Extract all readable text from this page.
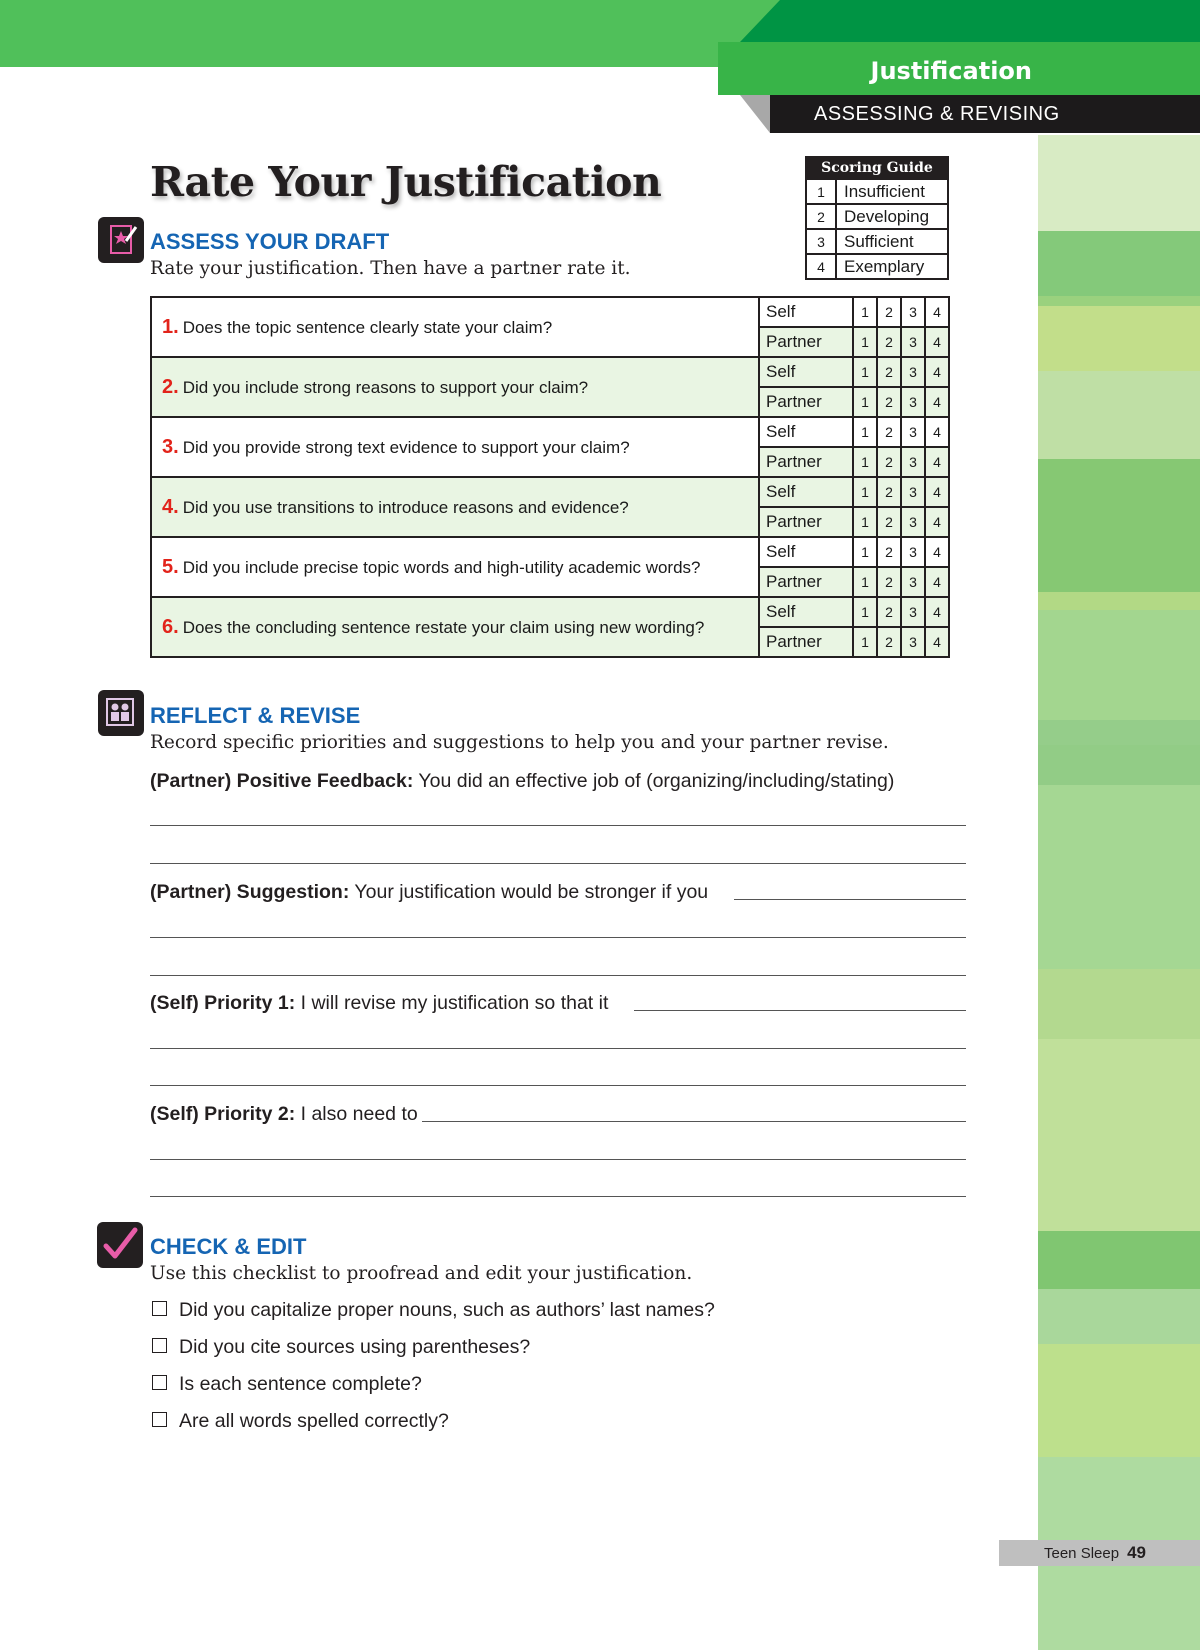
Justification
ASSESSING & REVISING
Rate Your Justification	Scoring Guide	
1	Insufficient
2	Developing
3	Sufficient
4	Exemplary
ASSESS YOUR DRAFT
Rate your justification. Then have a partner rate it.
1. Does the topic sentence clearly state your claim?	Self	1	2	3	4
	Partner	1	2	3	4
2. Did you include strong reasons to support your claim?	Self	1	2	3	4
	Partner	1	2	3	4
3. Did you provide strong text evidence to support your claim?	Self	1	2	3	4
	Partner	1	2	3	4
4. Did you use transitions to introduce reasons and evidence?	Self	1	2	3	4
	Partner	1	2	3	4
5. Did you include precise topic words and high-utility academic words?	Self	1	2	3	4
	Partner	1	2	3	4
6. Does the concluding sentence restate your claim using new wording?	Self	1	2	3	4
	Partner	1	2	3	4
REFLECT & REVISE
Record specific priorities and suggestions to help you and your partner revise.
(Partner) Positive Feedback: You did an effective job of (organizing/including/stating)
(Partner) Suggestion: Your justification would be stronger if you
(Self) Priority 1: I will revise my justification so that it
(Self) Priority 2: I also need to
CHECK & EDIT
Use this checklist to proofread and edit your justification.
Did you capitalize proper nouns, such as authors’ last names?
Did you cite sources using parentheses?
Is each sentence complete?
Are all words spelled correctly?
Teen Sleep 49
